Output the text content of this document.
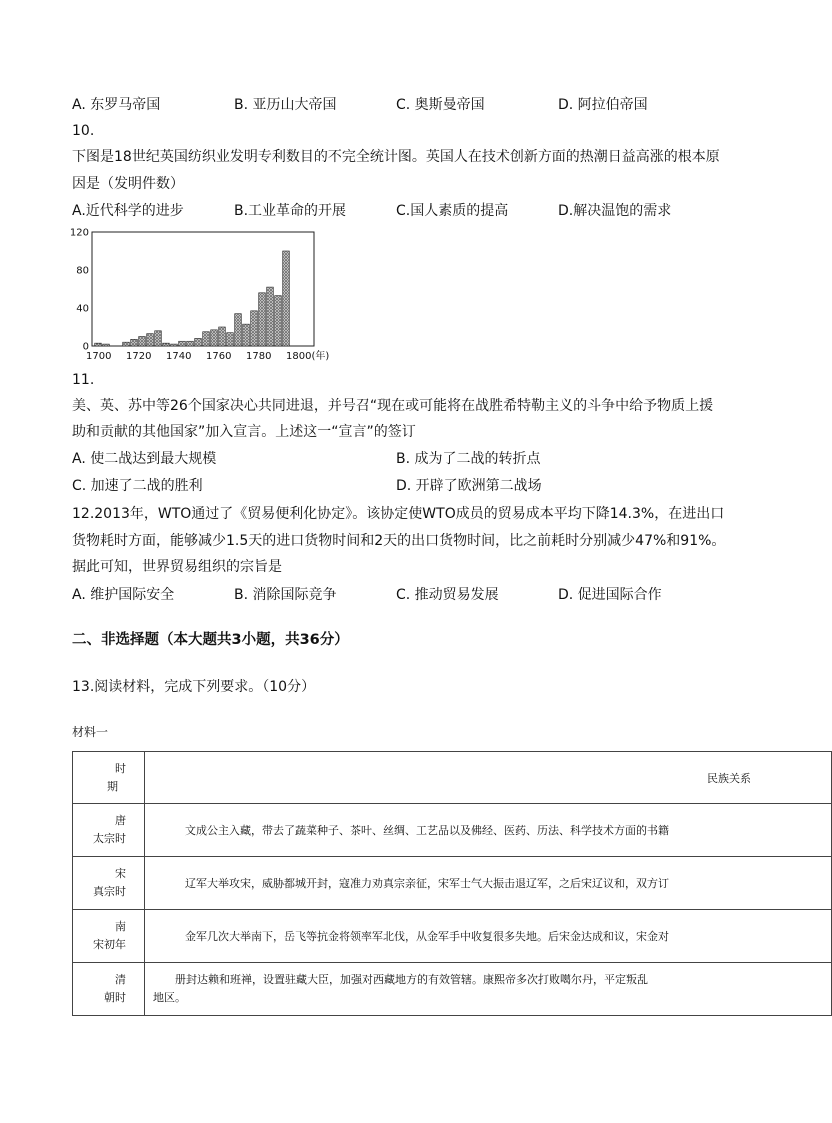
A. 东罗马帝国	B. 亚历山大帝国	C. 奥斯曼帝国	D. 阿拉伯帝国
10.
下图是18世纪英国纺织业发明专利数目的不完全统计图。英国人在技术创新方面的热潮日益高涨的根本原
因是（发明件数）
A.近代科学的进步	B.工业革命的开展	C.国人素质的提高	D.解决温饱的需求
120
80
40
0
1700 1720 1740 1760 1780 1800(年)
11.
美、英、苏中等26个国家决心共同进退，并号召“现在或可能将在战胜希特勒主义的斗争中给予物质上援
助和贡献的其他国家”加入宣言。上述这一“宣言”的签订
A. 使二战达到最大规模	B. 成为了二战的转折点
C. 加速了二战的胜利	D. 开辟了欧洲第二战场
12.2013年，WTO通过了《贸易便利化协定》。该协定使WTO成员的贸易成本平均下降14.3%，在进出口
货物耗时方面，能够减少1.5天的进口货物时间和2天的出口货物时间，比之前耗时分别减少47%和91%。
据此可知，世界贸易组织的宗旨是
A. 维护国际安全	B. 消除国际竞争	C. 推动贸易发展	D. 促进国际合作
二、非选择题（本大题共3小题，共36分）
13.阅读材料，完成下列要求。（10分）
材料一
时
期	民族关系
唐
太宗时	文成公主入藏，带去了蔬菜种子、茶叶、丝绸、工艺品以及佛经、医药、历法、科学技术方面的书籍
宋
真宗时	辽军大举攻宋，威胁都城开封，寇准力劝真宗亲征，宋军士气大振击退辽军，之后宋辽议和，双方订
南
宋初年	金军几次大举南下，岳飞等抗金将领率军北伐，从金军手中收复很多失地。后宋金达成和议，宋金对
清
朝时	册封达赖和班禅，设置驻藏大臣，加强对西藏地方的有效管辖。康熙帝多次打败噶尔丹，平定叛乱
地区。
